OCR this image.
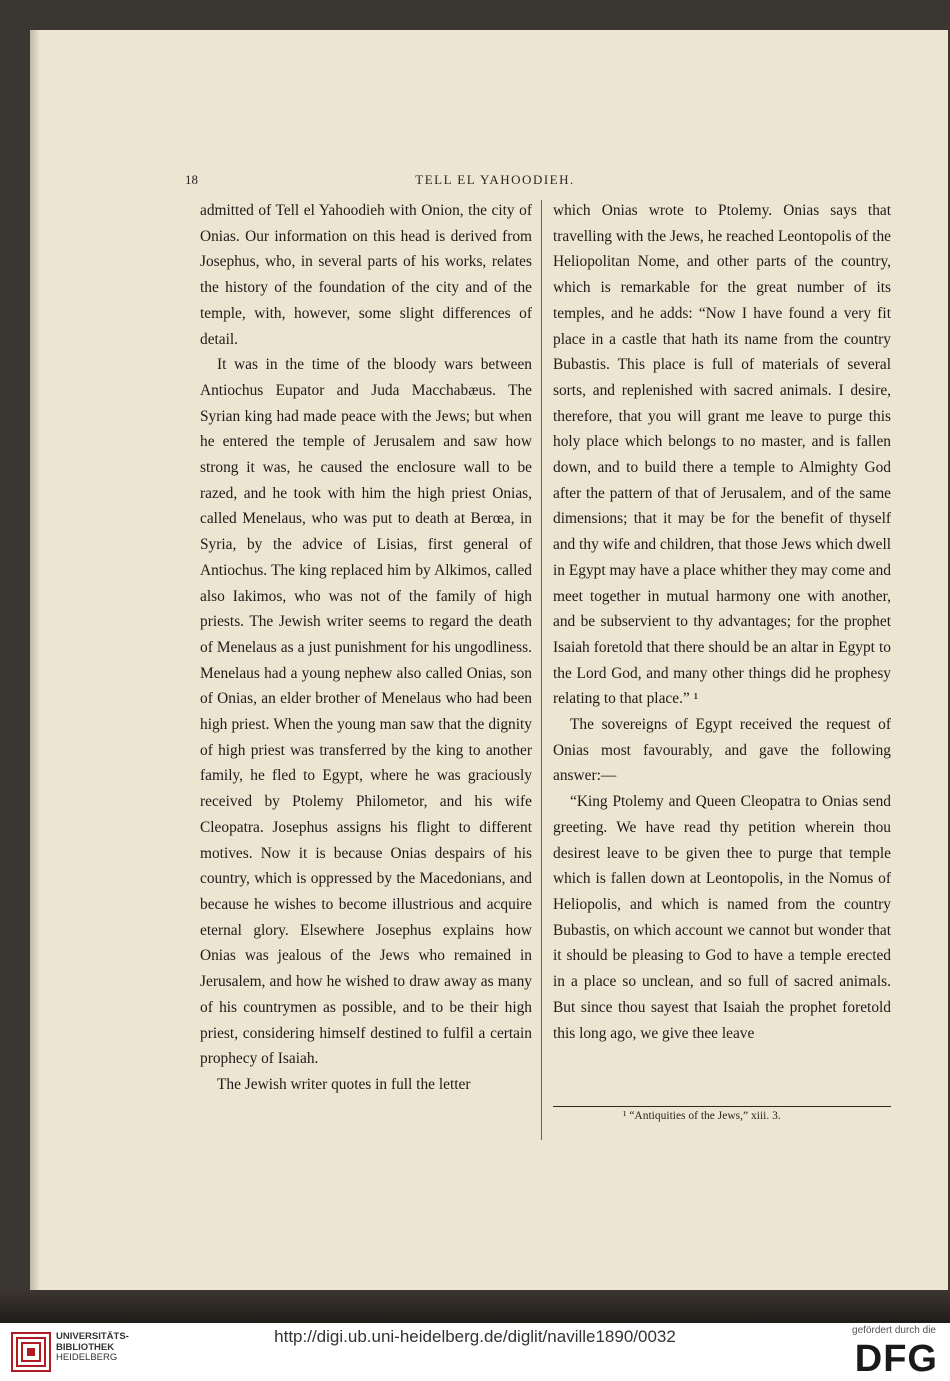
18	TELL EL YAHOODIEH.

admitted of Tell el Yahoodieh with Onion, the city of Onias. Our information on this head is derived from Josephus, who, in several parts of his works, relates the history of the foundation of the city and of the temple, with, however, some slight differences of detail.

It was in the time of the bloody wars between Antiochus Eupator and Juda Macchabæus. The Syrian king had made peace with the Jews; but when he entered the temple of Jerusalem and saw how strong it was, he caused the enclosure wall to be razed, and he took with him the high priest Onias, called Menelaus, who was put to death at Berœa, in Syria, by the advice of Lisias, first general of Antiochus. The king replaced him by Alkimos, called also Iakimos, who was not of the family of high priests. The Jewish writer seems to regard the death of Menelaus as a just punishment for his ungodliness. Menelaus had a young nephew also called Onias, son of Onias, an elder brother of Menelaus who had been high priest. When the young man saw that the dignity of high priest was transferred by the king to another family, he fled to Egypt, where he was graciously received by Ptolemy Philometor, and his wife Cleopatra. Josephus assigns his flight to different motives. Now it is because Onias despairs of his country, which is oppressed by the Macedonians, and because he wishes to become illustrious and acquire eternal glory. Elsewhere Josephus explains how Onias was jealous of the Jews who remained in Jerusalem, and how he wished to draw away as many of his countrymen as possible, and to be their high priest, considering himself destined to fulfil a certain prophecy of Isaiah.

The Jewish writer quotes in full the letter

which Onias wrote to Ptolemy. Onias says that travelling with the Jews, he reached Leontopolis of the Heliopolitan Nome, and other parts of the country, which is remarkable for the great number of its temples, and he adds: “Now I have found a very fit place in a castle that hath its name from the country Bubastis. This place is full of materials of several sorts, and replenished with sacred animals. I desire, therefore, that you will grant me leave to purge this holy place which belongs to no master, and is fallen down, and to build there a temple to Almighty God after the pattern of that of Jerusalem, and of the same dimensions; that it may be for the benefit of thyself and thy wife and children, that those Jews which dwell in Egypt may have a place whither they may come and meet together in mutual harmony one with another, and be subservient to thy advantages; for the prophet Isaiah foretold that there should be an altar in Egypt to the Lord God, and many other things did he prophesy relating to that place.” ¹

The sovereigns of Egypt received the request of Onias most favourably, and gave the following answer:—

“King Ptolemy and Queen Cleopatra to Onias send greeting. We have read thy petition wherein thou desirest leave to be given thee to purge that temple which is fallen down at Leontopolis, in the Nomus of Heliopolis, and which is named from the country Bubastis, on which account we cannot but wonder that it should be pleasing to God to have a temple erected in a place so unclean, and so full of sacred animals. But since thou sayest that Isaiah the prophet foretold this long ago, we give thee leave

¹ “Antiquities of the Jews,” xiii. 3.
UNIVERSITÄTS-
BIBLIOTHEK
HEIDELBERG
http://digi.ub.uni-heidelberg.de/diglit/naville1890/0032	gefördert durch die
DFG
